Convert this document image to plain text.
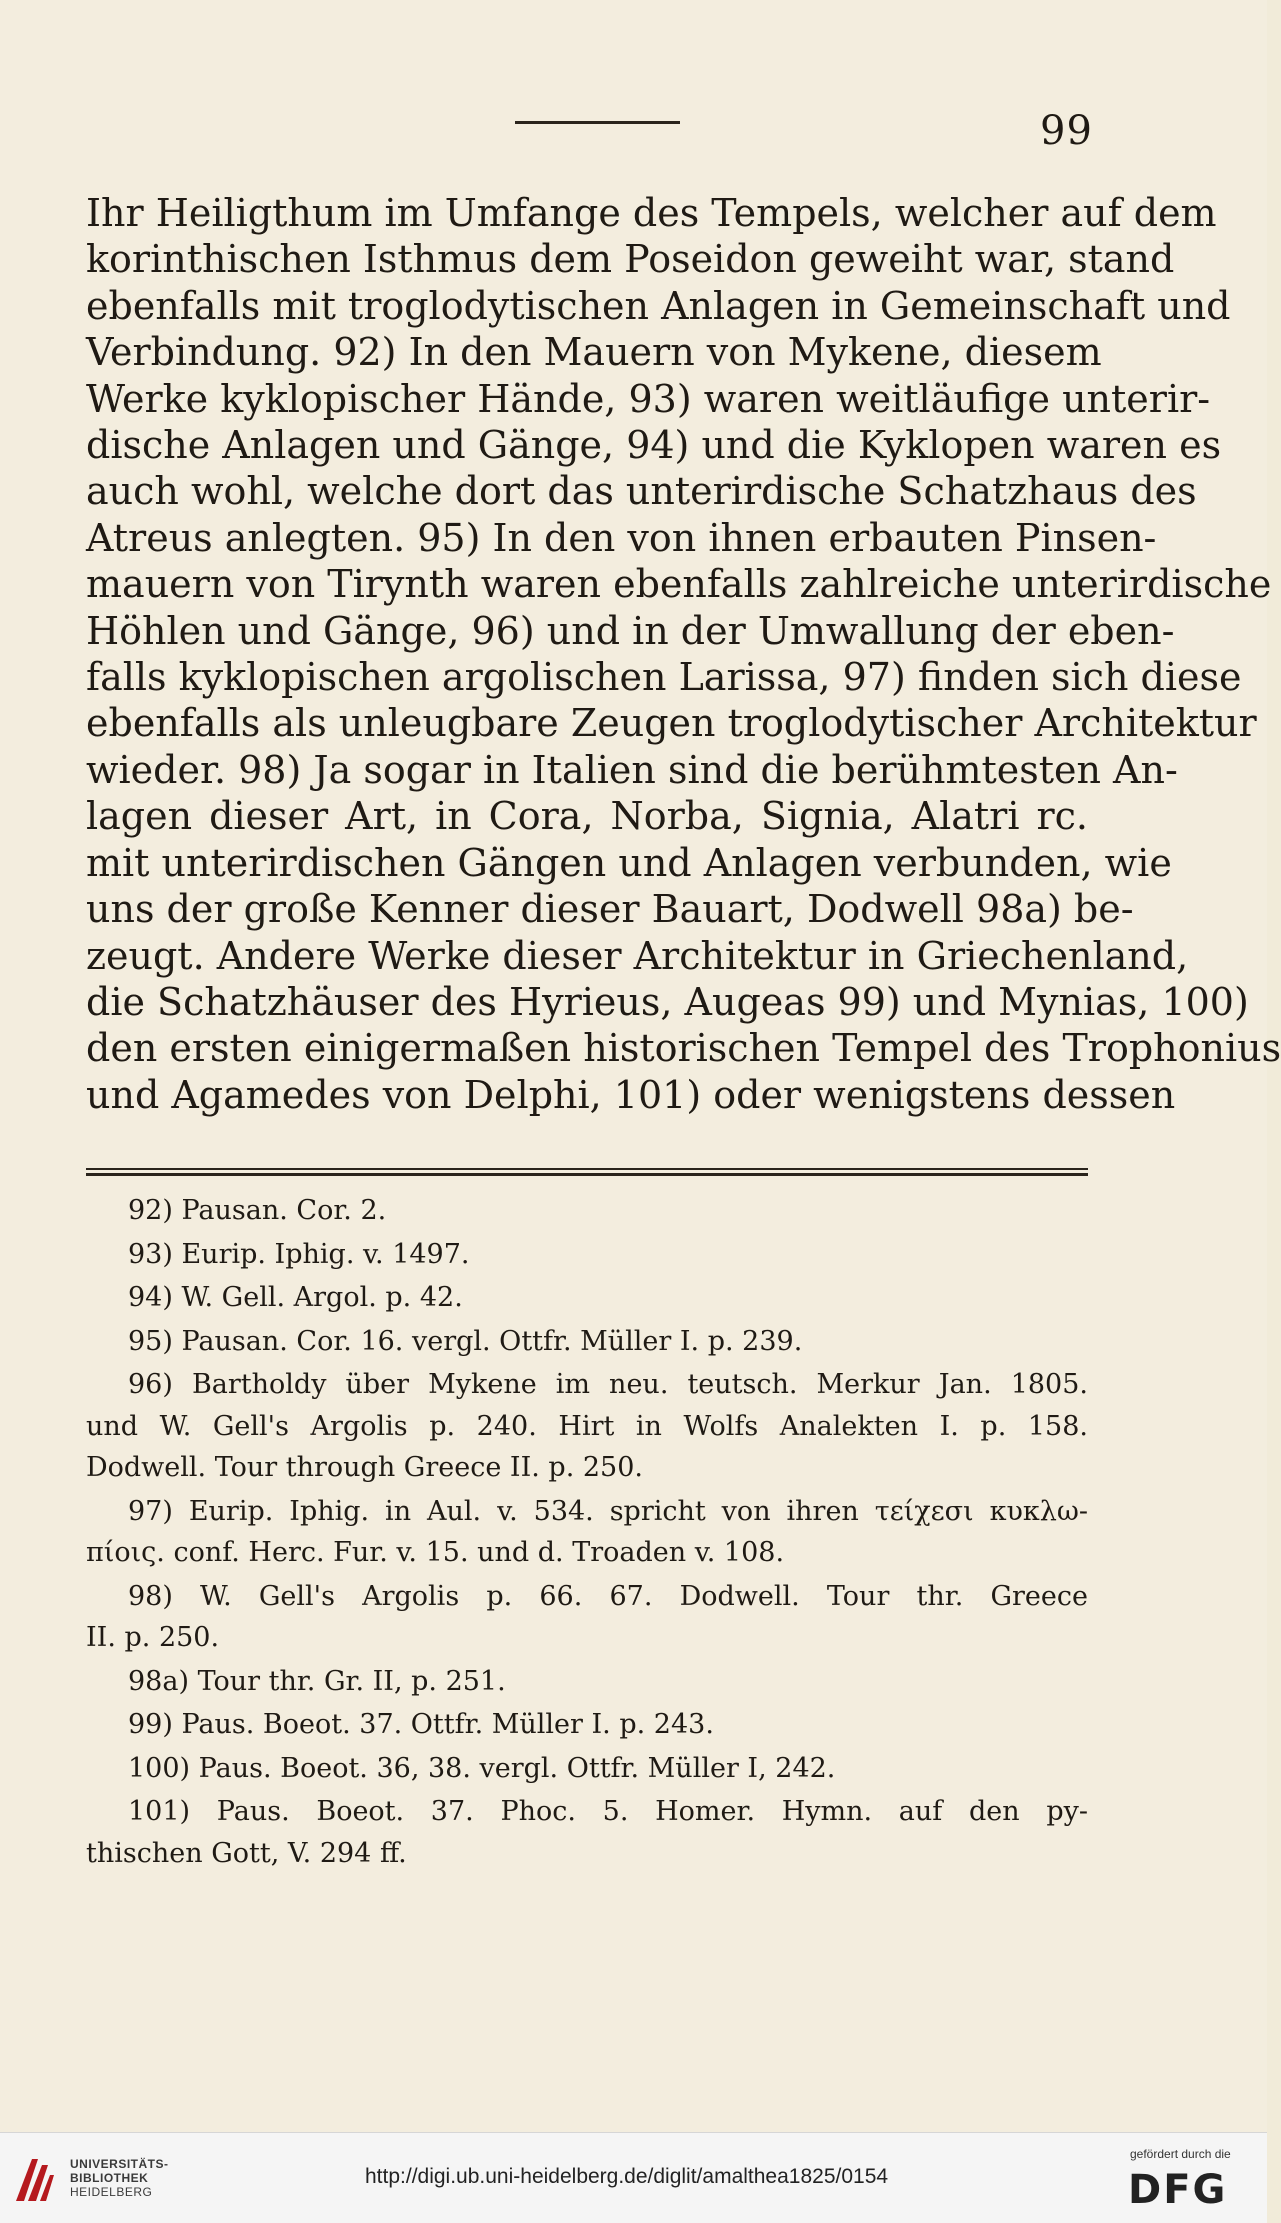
99
Ihr Heiligthum im Umfange des Tempels, welcher auf dem
korinthischen Isthmus dem Poseidon geweiht war, stand
ebenfalls mit troglodytischen Anlagen in Gemeinschaft und
Verbindung. 92) In den Mauern von Mykene, diesem
Werke kyklopischer Hände, 93) waren weitläufige unterir-
dische Anlagen und Gänge, 94) und die Kyklopen waren es
auch wohl, welche dort das unterirdische Schatzhaus des
Atreus anlegten. 95) In den von ihnen erbauten Pinsen-
mauern von Tirynth waren ebenfalls zahlreiche unterirdische
Höhlen und Gänge, 96) und in der Umwallung der eben-
falls kyklopischen argolischen Larissa, 97) finden sich diese
ebenfalls als unleugbare Zeugen troglodytischer Architektur
wieder. 98) Ja sogar in Italien sind die berühmtesten An-
lagen dieser Art, in Cora, Norba, Signia, Alatri rc.
mit unterirdischen Gängen und Anlagen verbunden, wie
uns der große Kenner dieser Bauart, Dodwell 98a) be-
zeugt. Andere Werke dieser Architektur in Griechenland,
die Schatzhäuser des Hyrieus, Augeas 99) und Mynias, 100)
den ersten einigermaßen historischen Tempel des Trophonius
und Agamedes von Delphi, 101) oder wenigstens dessen
92) Pausan. Cor. 2.
93) Eurip. Iphig. v. 1497.
94) W. Gell. Argol. p. 42.
95) Pausan. Cor. 16. vergl. Ottfr. Müller I. p. 239.
96) Bartholdy über Mykene im neu. teutsch. Merkur Jan. 1805.
und W. Gell's Argolis p. 240. Hirt in Wolfs Analekten I. p. 158.
Dodwell. Tour through Greece II. p. 250.
97) Eurip. Iphig. in Aul. v. 534. spricht von ihren τείχεσι κυκλω-
πίοις. conf. Herc. Fur. v. 15. und d. Troaden v. 108.
98) W. Gell's Argolis p. 66. 67. Dodwell. Tour thr. Greece
II. p. 250.
98a) Tour thr. Gr. II, p. 251.
99) Paus. Boeot. 37. Ottfr. Müller I. p. 243.
100) Paus. Boeot. 36, 38. vergl. Ottfr. Müller I, 242.
101) Paus. Boeot. 37. Phoc. 5. Homer. Hymn. auf den py-
thischen Gott, V. 294 ff.
UNIVERSITÄTS-
BIBLIOTHEK
HEIDELBERG
http://digi.ub.uni-heidelberg.de/diglit/amalthea1825/0154
gefördert durch die
DFG
